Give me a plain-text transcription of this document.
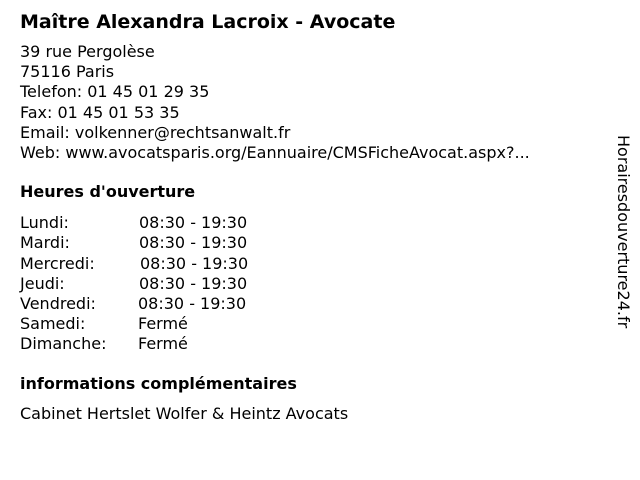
Maître Alexandra Lacroix - Avocate
39 rue Pergolèse
75116 Paris
Telefon: 01 45 01 29 35
Fax: 01 45 01 53 35
Email: volkenner@rechtsanwalt.fr
Web: www.avocatsparis.org/Eannuaire/CMSFicheAvocat.aspx?...
Heures d'ouverture
Lundi:	08:30 - 19:30
Mardi:	08:30 - 19:30
Mercredi:	08:30 - 19:30
Jeudi:	08:30 - 19:30
Vendredi:	08:30 - 19:30
Samedi:	Fermé
Dimanche: Fermé
informations complémentaires
Cabinet Hertslet Wolfer & Heintz Avocats
Horairesdouverture24.fr
